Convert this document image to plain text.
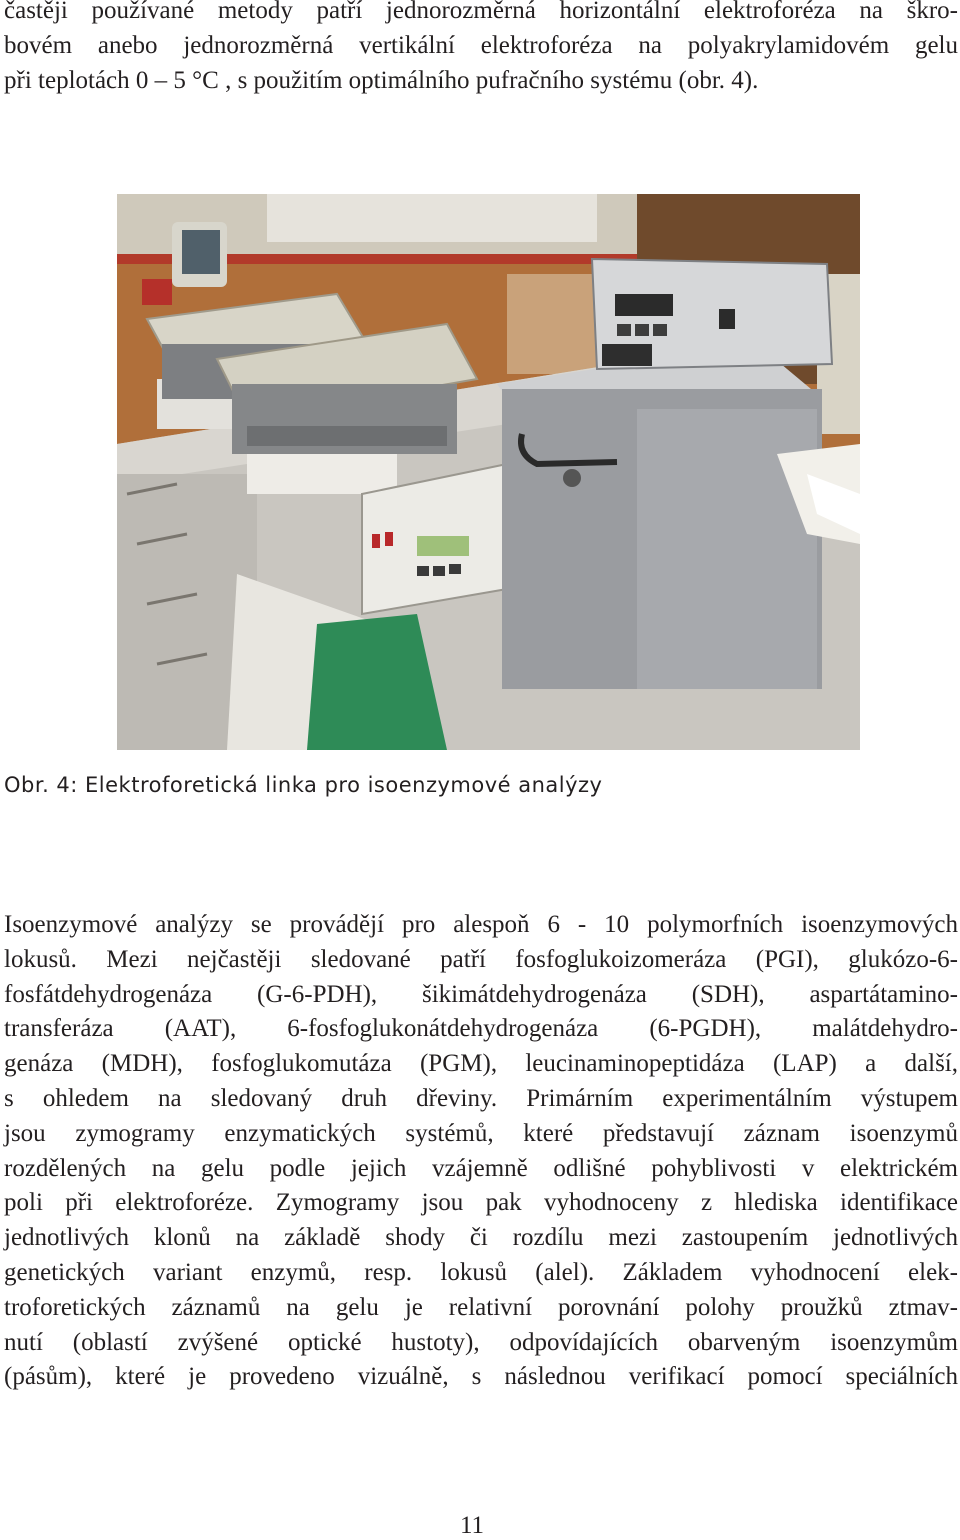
častěji používané metody patří jednorozměrná horizontální elektroforéza na škro-
bovém anebo jednorozměrná vertikální elektroforéza na polyakrylamidovém gelu
při teplotách 0 – 5 °C , s použitím optimálního pufračního systému (obr. 4).
Obr. 4: Elektroforetická linka pro isoenzymové analýzy
Isoenzymové analýzy se provádějí pro alespoň 6 - 10 polymorfních isoenzymových
lokusů. Mezi nejčastěji sledované patří fosfoglukoizomeráza (PGI), glukózo-6-
fosfátdehydrogenáza (G-6-PDH), šikimátdehydrogenáza (SDH), aspartátamino-
transferáza (AAT), 6-fosfoglukonátdehydrogenáza (6-PGDH), malátdehydro-
genáza (MDH), fosfoglukomutáza (PGM), leucinaminopeptidáza (LAP) a další,
s ohledem na sledovaný druh dřeviny. Primárním experimentálním výstupem
jsou zymogramy enzymatických systémů, které představují záznam isoenzymů
rozdělených na gelu podle jejich vzájemně odlišné pohyblivosti v elektrickém
poli při elektroforéze. Zymogramy jsou pak vyhodnoceny z hlediska identifikace
jednotlivých klonů na základě shody či rozdílu mezi zastoupením jednotlivých
genetických variant enzymů, resp. lokusů (alel). Základem vyhodnocení elek-
troforetických záznamů na gelu je relativní porovnání polohy proužků ztmav-
nutí (oblastí zvýšené optické hustoty), odpovídajících obarveným isoenzymům
(pásům), které je provedeno vizuálně, s následnou verifikací pomocí speciálních
11
